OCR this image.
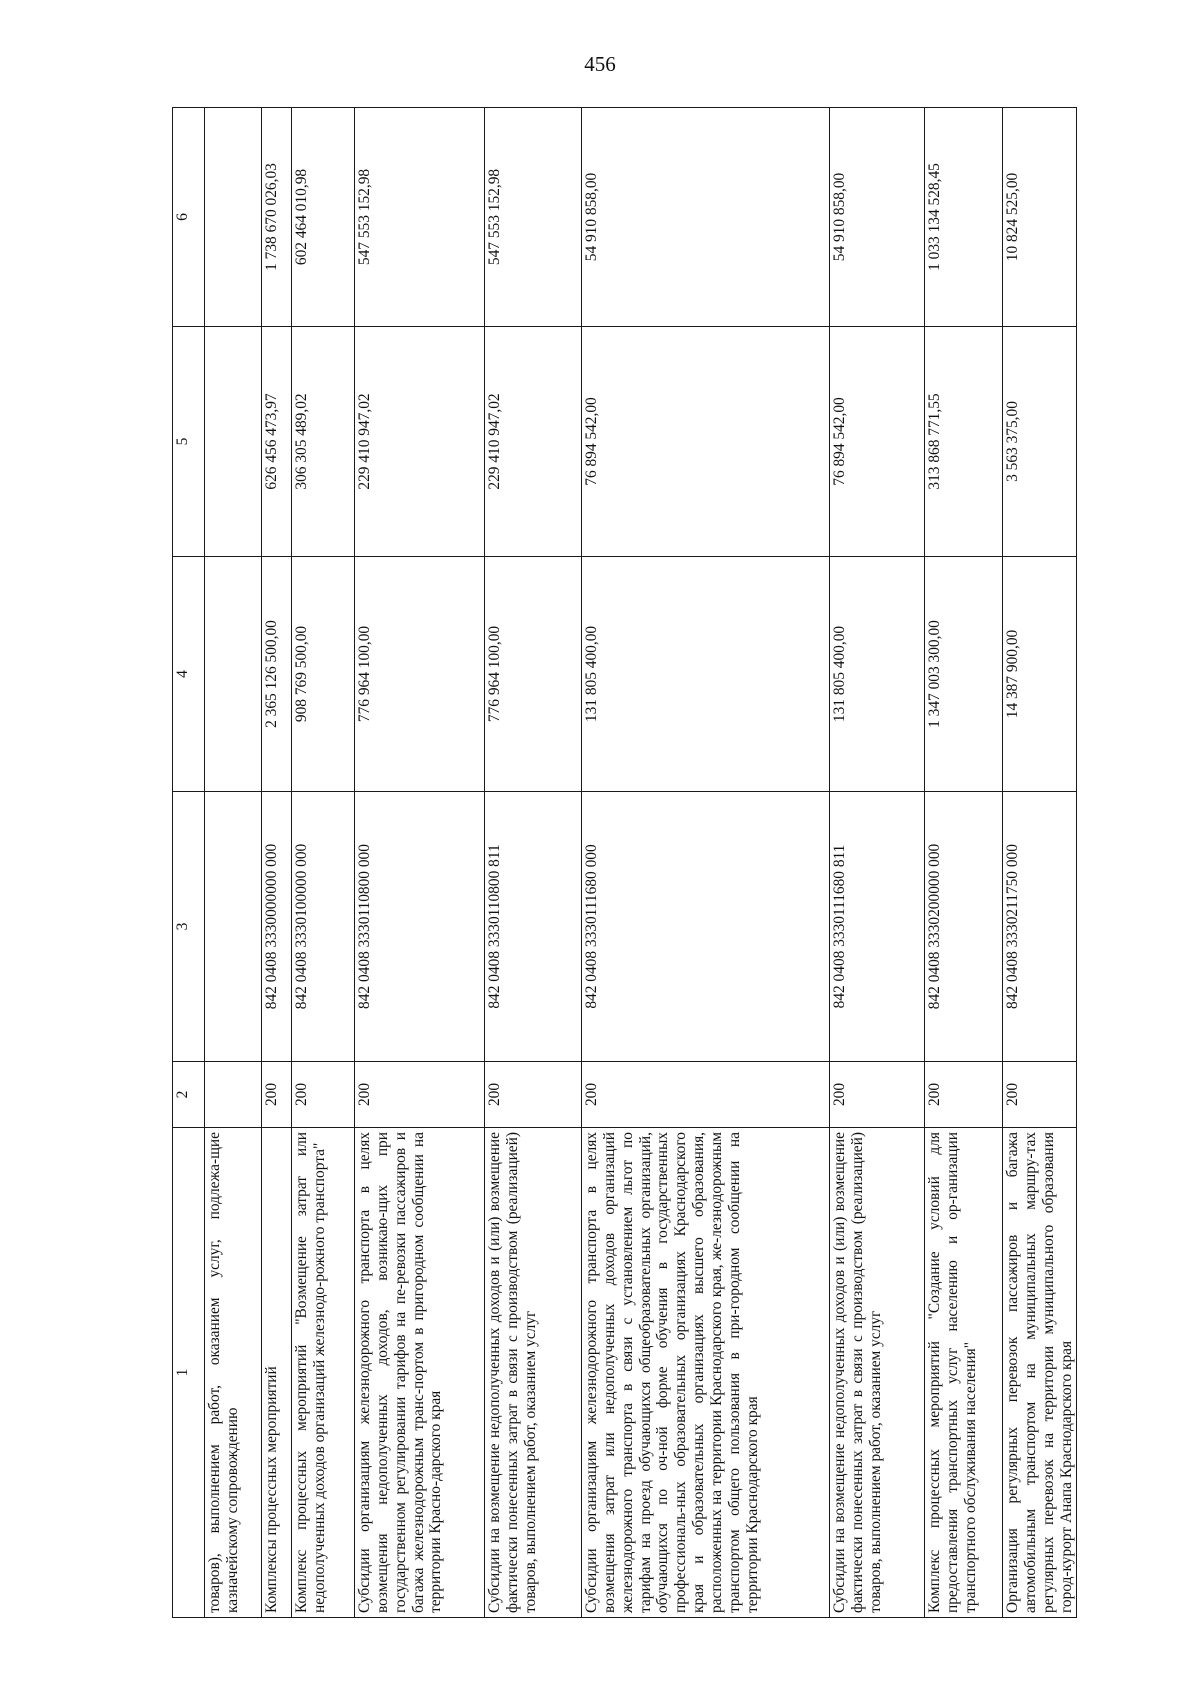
456
1	2	3	4	5	6
товаров), выполнением работ, оказанием услуг, подлежа-щие казначейскому сопровождению					
Комплексы процессных мероприятий	200	842 0408 3330000000 000	2 365 126 500,00	626 456 473,97	1 738 670 026,03
Комплекс процессных мероприятий "Возмещение затрат или недополученных доходов организаций железнодо-рожного транспорта"	200	842 0408 3330100000 000	908 769 500,00	306 305 489,02	602 464 010,98
Субсидии организациям железнодорожного транспорта в целях возмещения недополученных доходов, возникаю-щих при государственном регулировании тарифов на пе-ревозки пассажиров и багажа железнодорожным транс-портом в пригородном сообщении на территории Красно-дарского края	200	842 0408 3330110800 000	776 964 100,00	229 410 947,02	547 553 152,98
Субсидии на возмещение недополученных доходов и (или) возмещение фактически понесенных затрат в связи с производством (реализацией) товаров, выполнением работ, оказанием услуг	200	842 0408 3330110800 811	776 964 100,00	229 410 947,02	547 553 152,98
Субсидии организациям железнодорожного транспорта в целях возмещения затрат или недополученных доходов организаций железнодорожного транспорта в связи с установлением льгот по тарифам на проезд обучающихся общеобразовательных организаций, обучающихся по оч-ной форме обучения в государственных профессиональ-ных образовательных организациях Краснодарского края и образовательных организациях высшего образования, расположенных на территории Краснодарского края, же-лезнодорожным транспортом общего пользования в при-городном сообщении на территории Краснодарского края	200	842 0408 3330111680 000	131 805 400,00	76 894 542,00	54 910 858,00
Субсидии на возмещение недополученных доходов и (или) возмещение фактически понесенных затрат в связи с производством (реализацией) товаров, выполнением работ, оказанием услуг	200	842 0408 3330111680 811	131 805 400,00	76 894 542,00	54 910 858,00
Комплекс процессных мероприятий "Создание условий для предоставления транспортных услуг населению и ор-ганизации транспортного обслуживания населения"	200	842 0408 3330200000 000	1 347 003 300,00	313 868 771,55	1 033 134 528,45
Организация регулярных перевозок пассажиров и багажа автомобильным транспортом на муниципальных маршру-тах регулярных перевозок на территории муниципального образования город-курорт Анапа Краснодарского края	200	842 0408 3330211750 000	14 387 900,00	3 563 375,00	10 824 525,00
